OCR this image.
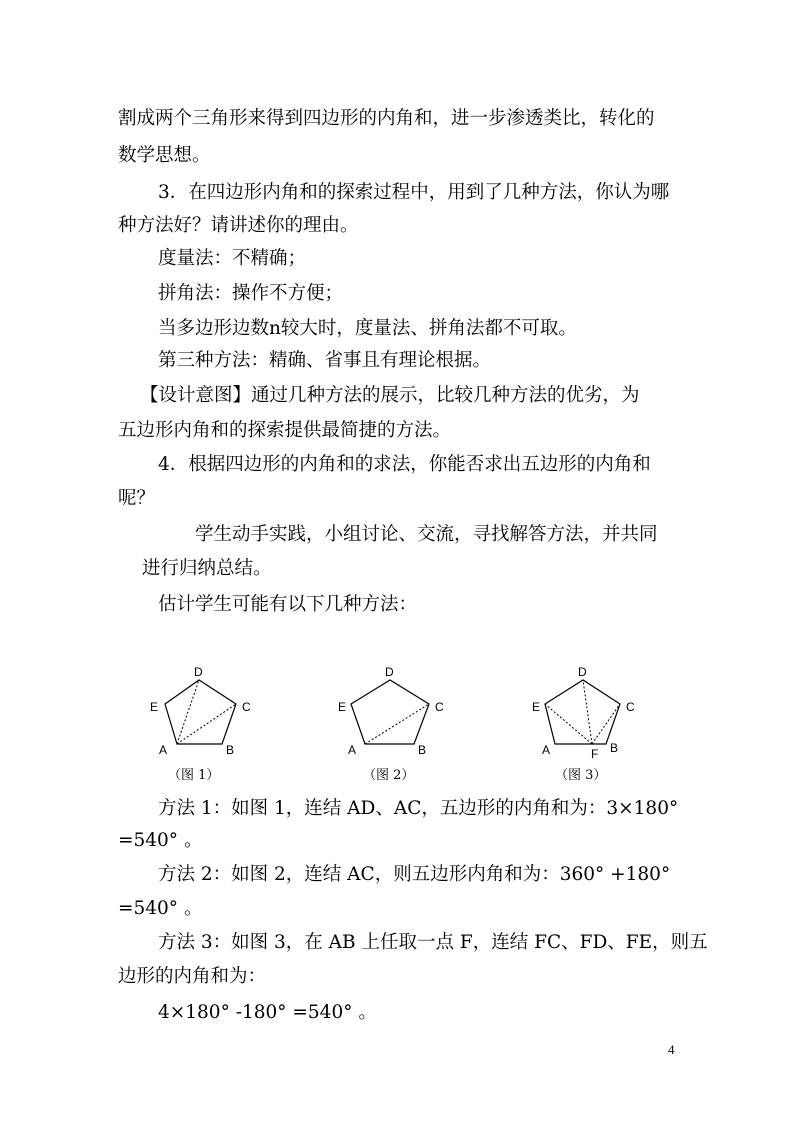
割成两个三角形来得到四边形的内角和，进一步渗透类比，转化的
数学思想。
3．在四边形内角和的探索过程中，用到了几种方法，你认为哪
种方法好？请讲述你的理由。
度量法：不精确；
拼角法：操作不方便；
当多边形边数n较大时，度量法、拼角法都不可取。
第三种方法：精确、省事且有理论根据。
【设计意图】通过几种方法的展示，比较几种方法的优劣，为
五边形内角和的探索提供最简捷的方法。
4．根据四边形的内角和的求法，你能否求出五边形的内角和
呢？
学生动手实践，小组讨论、交流，寻找解答方法，并共同
进行归纳总结。
估计学生可能有以下几种方法：
D
E	C
A	B
（图 1）
D
E	C
A	B
（图 2）
D
E	C
A	B
F
（图 3）
方法 1：如图 1，连结 AD、AC，五边形的内角和为：3×180°
=540° 。
方法 2：如图 2，连结 AC，则五边形内角和为：360° +180°
=540° 。
方法 3：如图 3，在 AB 上任取一点 F，连结 FC、FD、FE，则五
边形的内角和为：
4×180° -180° =540° 。
4
